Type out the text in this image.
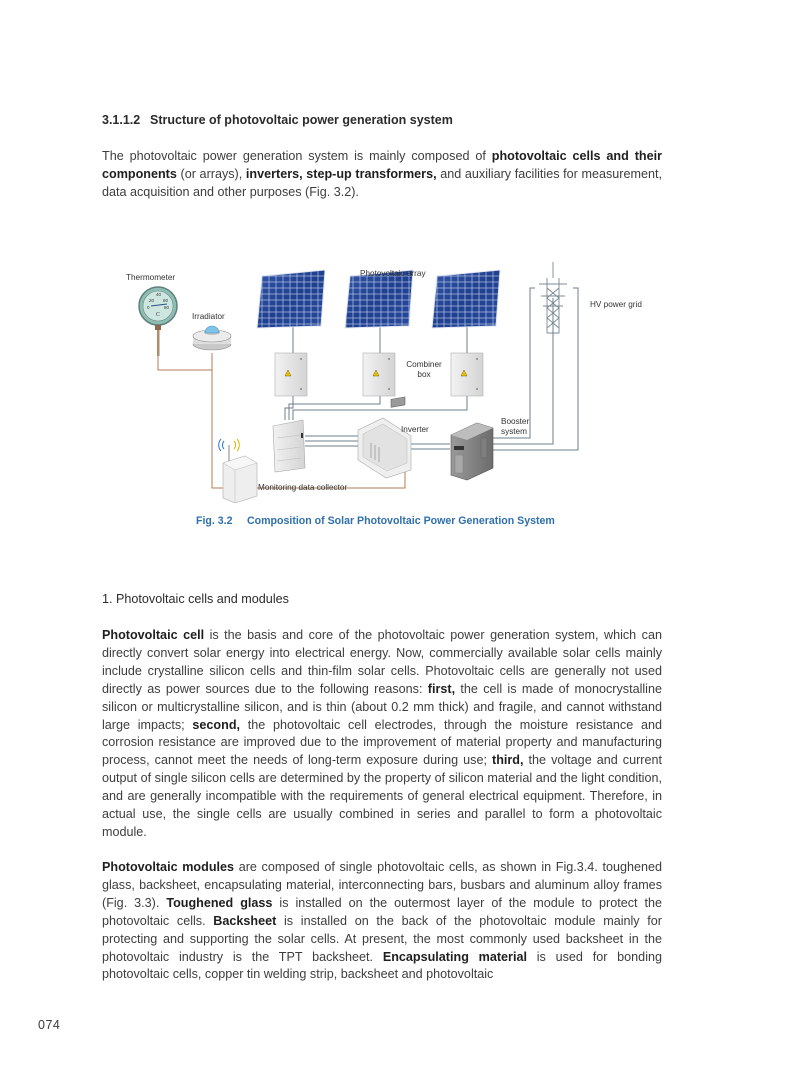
3.1.1.2 Structure of photovoltaic power generation system

The photovoltaic power generation system is mainly composed of photovoltaic cells and their components (or arrays), inverters, step-up transformers, and auxiliary facilities for measurement, data acquisition and other purposes (Fig. 3.2).

20
40
60
0	80
C
Thermometer
Irradiator
Photovoltaic array
HV power grid
Combiner
box
Inverter
Booster
system
Monitoring data collector
Fig. 3.2 Composition of Solar Photovoltaic Power Generation System
1. Photovoltaic cells and modules

Photovoltaic cell is the basis and core of the photovoltaic power generation system, which can directly convert solar energy into electrical energy. Now, commercially available solar cells mainly include crystalline silicon cells and thin-film solar cells. Photovoltaic cells are generally not used directly as power sources due to the following reasons: first, the cell is made of monocrystalline silicon or multicrystalline silicon, and is thin (about 0.2 mm thick) and fragile, and cannot withstand large impacts; second, the photovoltaic cell electrodes, through the moisture resistance and corrosion resistance are improved due to the improvement of material property and manufacturing process, cannot meet the needs of long-term exposure during use; third, the voltage and current output of single silicon cells are determined by the property of silicon material and the light condition, and are generally incompatible with the requirements of general electrical equipment. Therefore, in actual use, the single cells are usually combined in series and parallel to form a photovoltaic module.

Photovoltaic modules are composed of single photovoltaic cells, as shown in Fig.3.4. toughened glass, backsheet, encapsulating material, interconnecting bars, busbars and aluminum alloy frames (Fig. 3.3). Toughened glass is installed on the outermost layer of the module to protect the photovoltaic cells. Backsheet is installed on the back of the photovoltaic module mainly for protecting and supporting the solar cells. At present, the most commonly used backsheet in the photovoltaic industry is the TPT backsheet. Encapsulating material is used for bonding photovoltaic cells, copper tin welding strip, backsheet and photovoltaic

074
